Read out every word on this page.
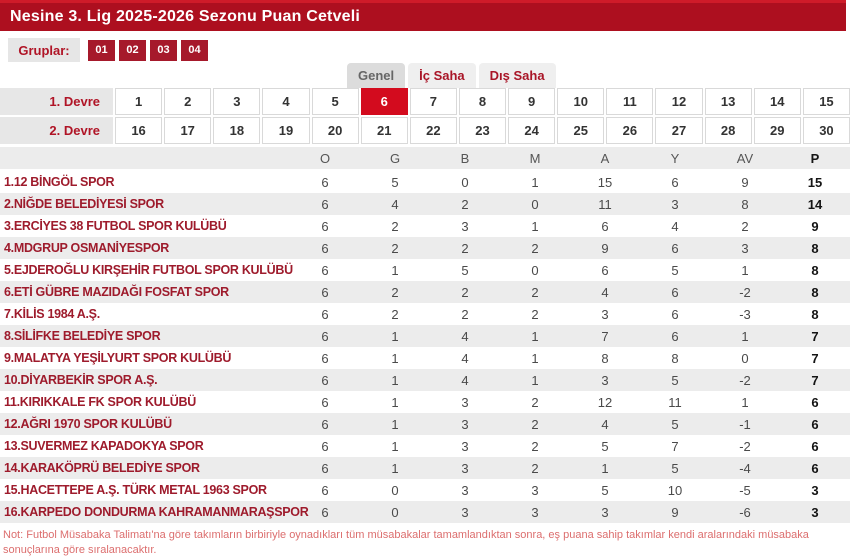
Nesine 3. Lig 2025-2026 Sezonu Puan Cetveli
Gruplar:	01	02	03	04
Genel	İç Saha	Dış Saha
1. Devre	1	2	3	4	5	6	7	8	9	10	11	12	13	14	15
2. Devre	16	17	18	19	20	21	22	23	24	25	26	27	28	29	30
O	G	B	M	A	Y	AV	P
1.12 BİNGÖL SPOR	6	5	0	1	15	6	9	15
2.NİĞDE BELEDİYESİ SPOR	6	4	2	0	11	3	8	14
3.ERCİYES 38 FUTBOL SPOR KULÜBÜ	6	2	3	1	6	4	2	9
4.MDGRUP OSMANİYESPOR	6	2	2	2	9	6	3	8
5.EJDEROĞLU KIRŞEHİR FUTBOL SPOR KULÜBÜ	6	1	5	0	6	5	1	8
6.ETİ GÜBRE MAZIDAĞI FOSFAT SPOR	6	2	2	2	4	6	-2	8
7.KİLİS 1984 A.Ş.	6	2	2	2	3	6	-3	8
8.SİLİFKE BELEDİYE SPOR	6	1	4	1	7	6	1	7
9.MALATYA YEŞİLYURT SPOR KULÜBÜ	6	1	4	1	8	8	0	7
10.DİYARBEKİR SPOR A.Ş.	6	1	4	1	3	5	-2	7
11.KIRIKKALE FK SPOR KULÜBÜ	6	1	3	2	12	11	1	6
12.AĞRI 1970 SPOR KULÜBÜ	6	1	3	2	4	5	-1	6
13.SUVERMEZ KAPADOKYA SPOR	6	1	3	2	5	7	-2	6
14.KARAKÖPRÜ BELEDİYE SPOR	6	1	3	2	1	5	-4	6
15.HACETTEPE A.Ş. TÜRK METAL 1963 SPOR	6	0	3	3	5	10	-5	3
16.KARPEDO DONDURMA KAHRAMANMARAŞSPOR 6	0	3	3	3	9	-6	3
Not: Futbol Müsabaka Talimatı'na göre takımların birbiriyle oynadıkları tüm müsabakalar tamamlandıktan sonra, eş puana sahip takımlar kendi aralarındaki müsabaka sonuçlarına göre sıralanacaktır.
